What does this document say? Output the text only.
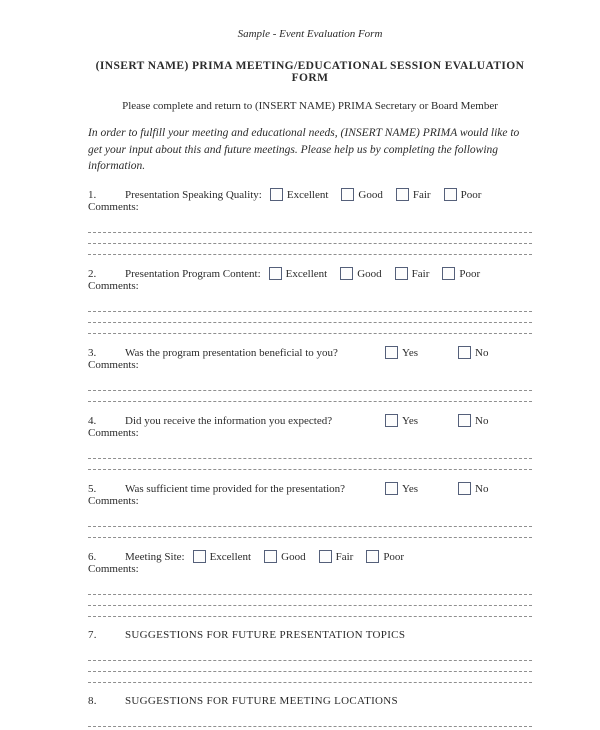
Sample - Event Evaluation Form
(INSERT NAME) PRIMA MEETING/EDUCATIONAL SESSION EVALUATION FORM
Please complete and return to (INSERT NAME) PRIMA Secretary or Board Member
In order to fulfill your meeting and educational needs, (INSERT NAME) PRIMA would like to get your input about this and future meetings. Please help us by completing the following information.
1.	Presentation Speaking Quality: Excellent	Good	Fair	Poor
Comments:
2.	Presentation Program Content: Excellent	Good	Fair	Poor
Comments:
3.	Was the program presentation beneficial to you?	Yes	No
Comments:
4.	Did you receive the information you expected?	Yes	No
Comments:
5.	Was sufficient time provided for the presentation?	Yes	No
Comments:
6.	Meeting Site: Excellent	Good	Fair	Poor
Comments:
7.	SUGGESTIONS FOR FUTURE PRESENTATION TOPICS
8.	SUGGESTIONS FOR FUTURE MEETING LOCATIONS
